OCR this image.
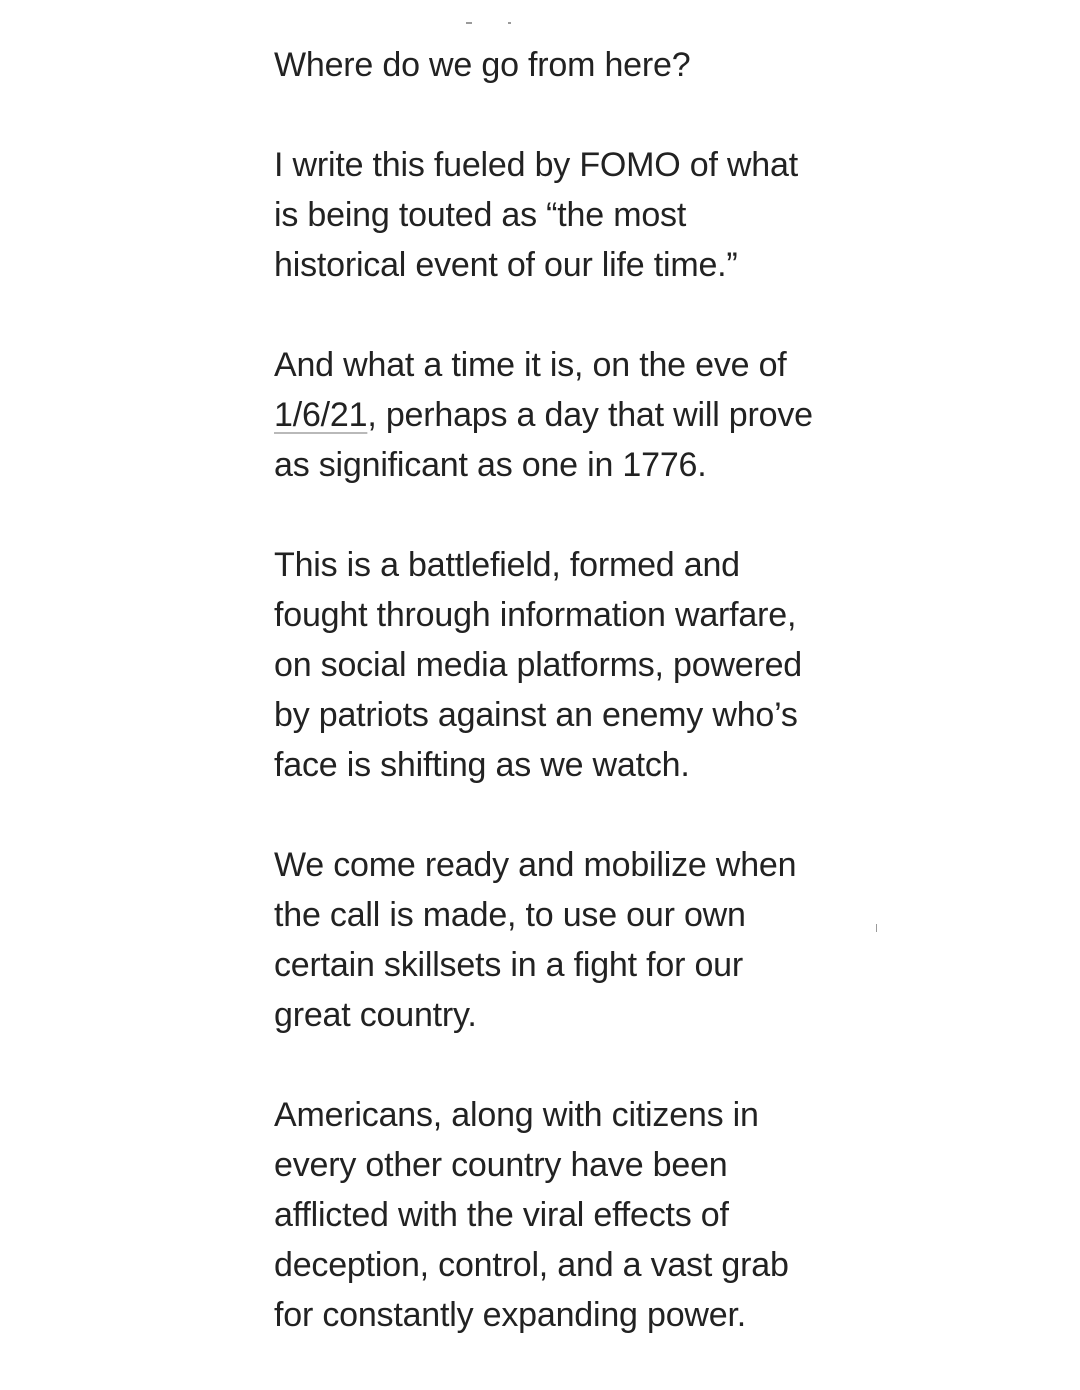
Where do we go from here?
I write this fueled by FOMO of what
is being touted as “the most
historical event of our life time.”
And what a time it is, on the eve of
1/6/21, perhaps a day that will prove
as significant as one in 1776.
This is a battlefield, formed and
fought through information warfare,
on social media platforms, powered
by patriots against an enemy who’s
face is shifting as we watch.
We come ready and mobilize when
the call is made, to use our own
certain skillsets in a fight for our
great country.
Americans, along with citizens in
every other country have been
afflicted with the viral effects of
deception, control, and a vast grab
for constantly expanding power.
